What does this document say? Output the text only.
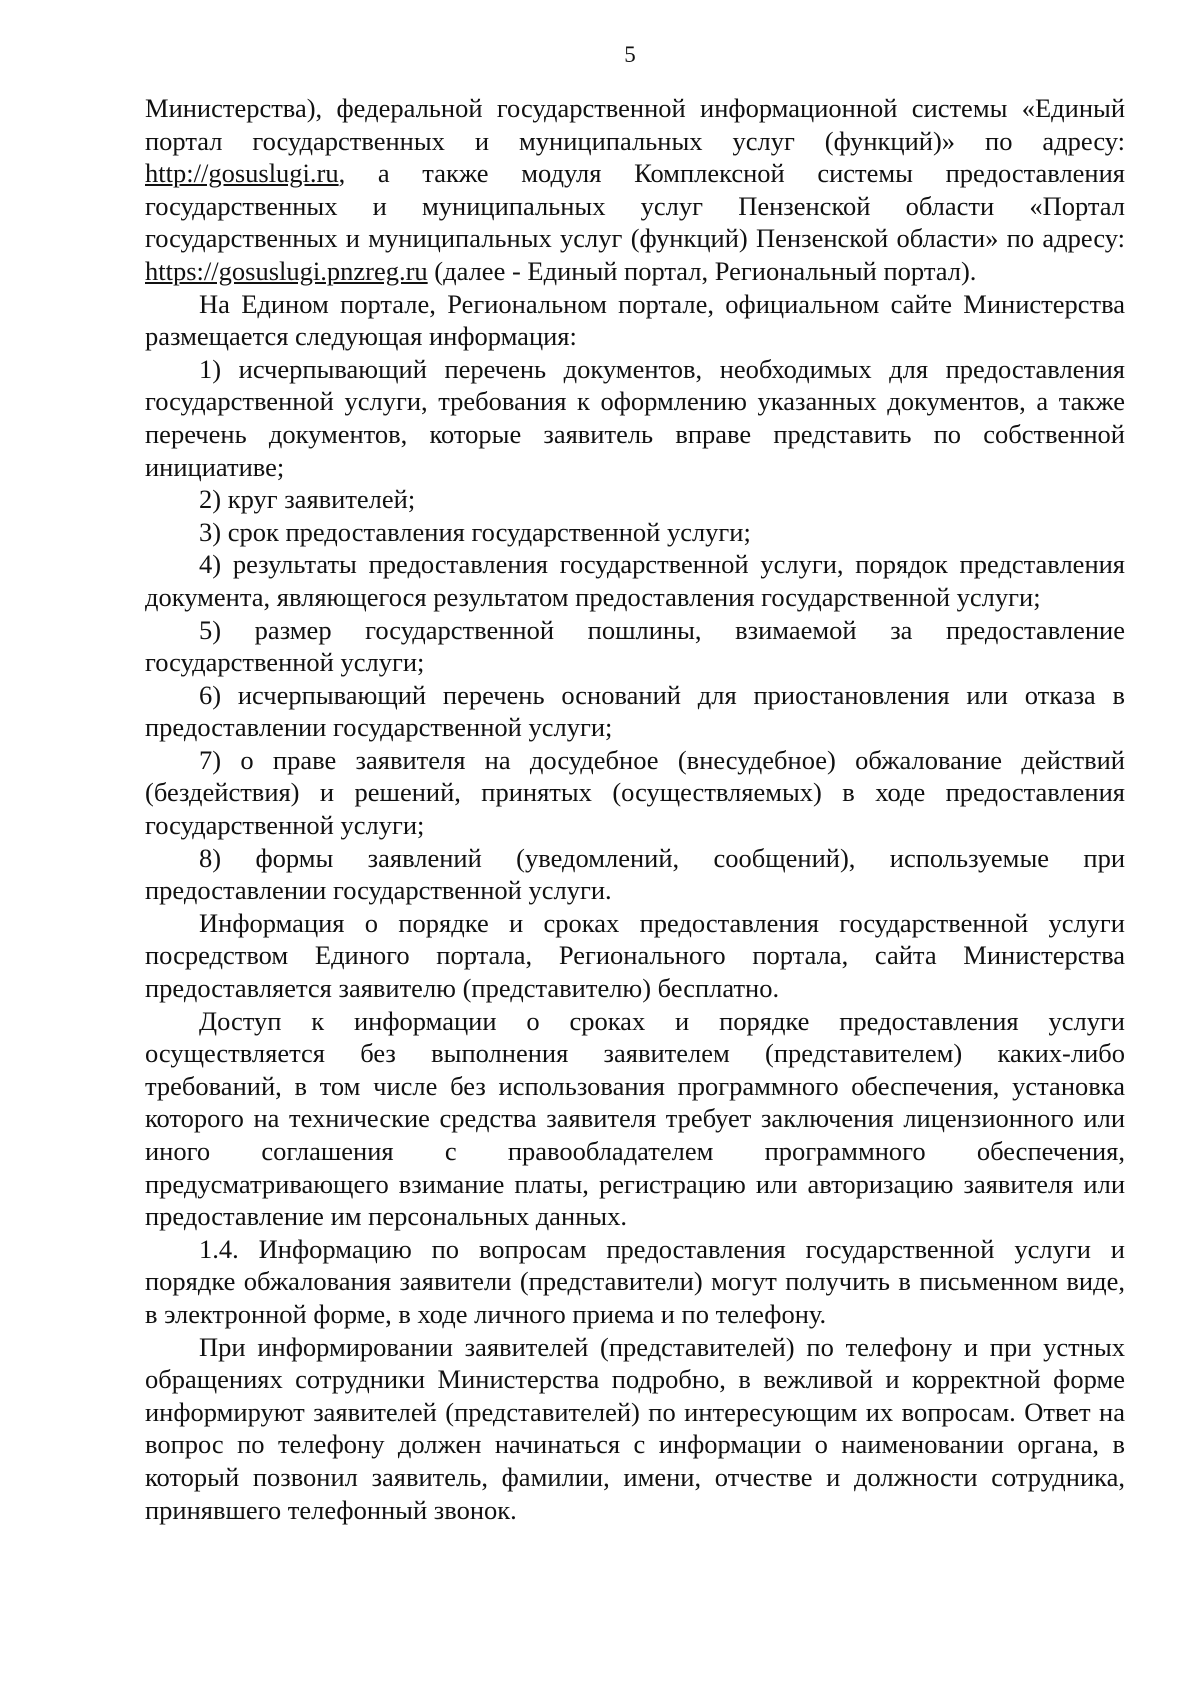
5

Министерства), федеральной государственной информационной системы «Единый портал государственных и муниципальных услуг (функций)» по адресу: http://gosuslugi.ru, а также модуля Комплексной системы предоставления государственных и муниципальных услуг Пензенской области «Портал государственных и муниципальных услуг (функций) Пензенской области» по адресу: https://gosuslugi.pnzreg.ru (далее - Единый портал, Региональный портал).

На Едином портале, Региональном портале, официальном сайте Министерства размещается следующая информация:

1) исчерпывающий перечень документов, необходимых для предоставления государственной услуги, требования к оформлению указанных документов, а также перечень документов, которые заявитель вправе представить по собственной инициативе;

2) круг заявителей;

3) срок предоставления государственной услуги;

4) результаты предоставления государственной услуги, порядок представления документа, являющегося результатом предоставления государственной услуги;

5) размер государственной пошлины, взимаемой за предоставление государственной услуги;

6) исчерпывающий перечень оснований для приостановления или отказа в предоставлении государственной услуги;

7) о праве заявителя на досудебное (внесудебное) обжалование действий (бездействия) и решений, принятых (осуществляемых) в ходе предоставления государственной услуги;

8) формы заявлений (уведомлений, сообщений), используемые при предоставлении государственной услуги.

Информация о порядке и сроках предоставления государственной услуги посредством Единого портала, Регионального портала, сайта Министерства предоставляется заявителю (представителю) бесплатно.

Доступ к информации о сроках и порядке предоставления услуги осуществляется без выполнения заявителем (представителем) каких-либо требований, в том числе без использования программного обеспечения, установка которого на технические средства заявителя требует заключения лицензионного или иного соглашения с правообладателем программного обеспечения, предусматривающего взимание платы, регистрацию или авторизацию заявителя или предоставление им персональных данных.

1.4. Информацию по вопросам предоставления государственной услуги и порядке обжалования заявители (представители) могут получить в письменном виде, в электронной форме, в ходе личного приема и по телефону.

При информировании заявителей (представителей) по телефону и при устных обращениях сотрудники Министерства подробно, в вежливой и корректной форме информируют заявителей (представителей) по интересующим их вопросам. Ответ на вопрос по телефону должен начинаться с информации о наименовании органа, в который позвонил заявитель, фамилии, имени, отчестве и должности сотрудника, принявшего телефонный звонок.
